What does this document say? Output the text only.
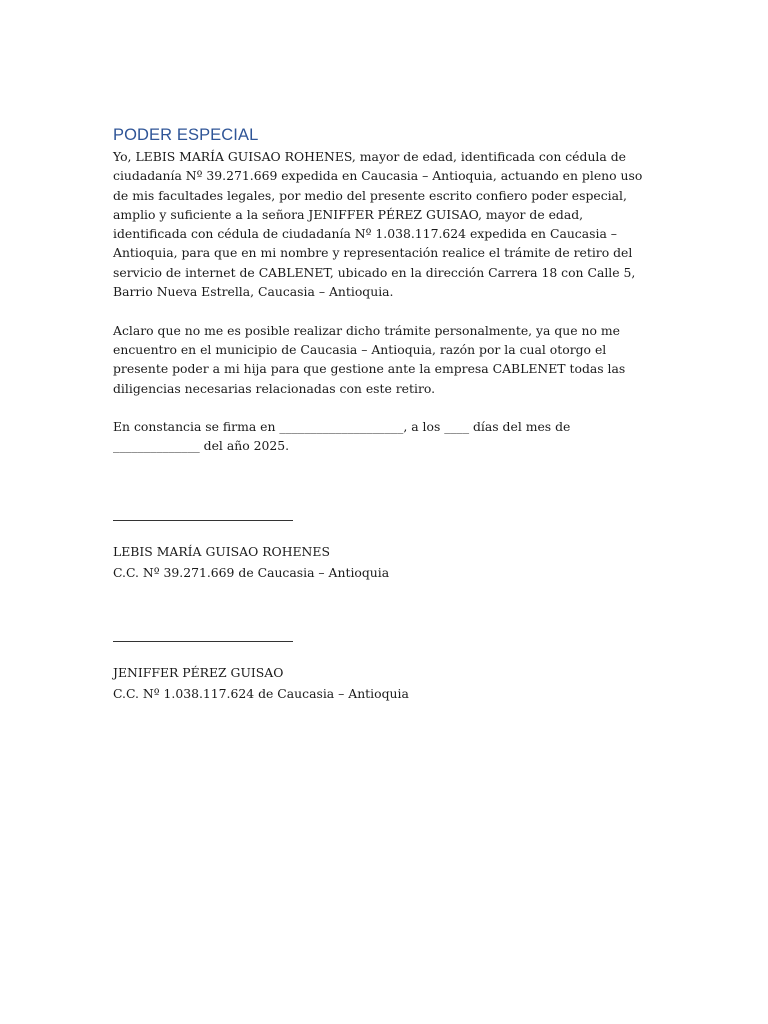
PODER ESPECIAL

Yo, LEBIS MARÍA GUISAO ROHENES, mayor de edad, identificada con cédula de ciudadanía Nº 39.271.669 expedida en Caucasia – Antioquia, actuando en pleno uso de mis facultades legales, por medio del presente escrito confiero poder especial, amplio y suficiente a la señora JENIFFER PÉREZ GUISAO, mayor de edad, identificada con cédula de ciudadanía Nº 1.038.117.624 expedida en Caucasia – Antioquia, para que en mi nombre y representación realice el trámite de retiro del servicio de internet de CABLENET, ubicado en la dirección Carrera 18 con Calle 5, Barrio Nueva Estrella, Caucasia – Antioquia.

Aclaro que no me es posible realizar dicho trámite personalmente, ya que no me encuentro en el municipio de Caucasia – Antioquia, razón por la cual otorgo el presente poder a mi hija para que gestione ante la empresa CABLENET todas las diligencias necesarias relacionadas con este retiro.

En constancia se firma en ____________________, a los ____ días del mes de ______________ del año 2025.

LEBIS MARÍA GUISAO ROHENES

C.C. Nº 39.271.669 de Caucasia – Antioquia

JENIFFER PÉREZ GUISAO

C.C. Nº 1.038.117.624 de Caucasia – Antioquia
